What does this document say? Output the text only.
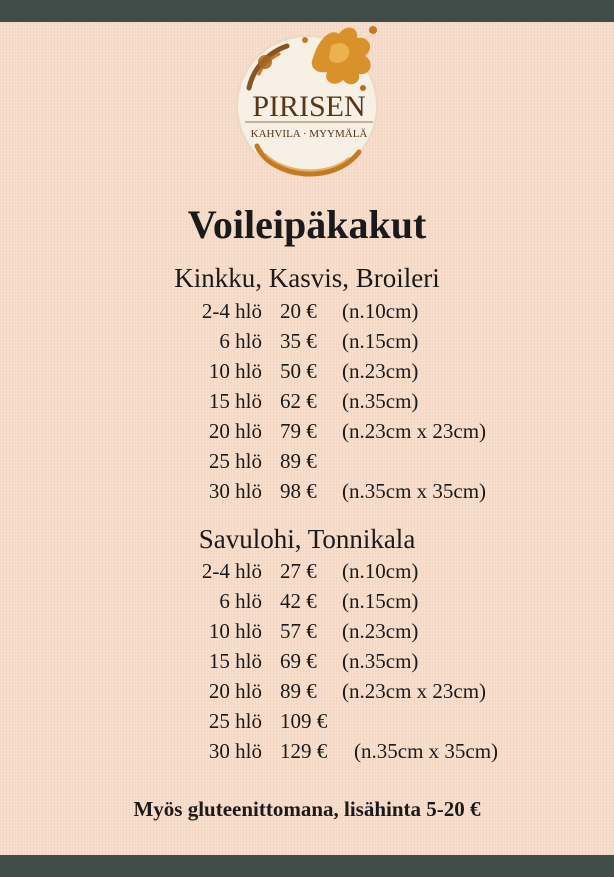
PIRISEN
KAHVILA · MYYMÄLÄ
Voileipäkakut
Kinkku, Kasvis, Broileri
2-4 hlö 20 € (n.10cm)
6 hlö 35 € (n.15cm)
10 hlö 50 € (n.23cm)
15 hlö 62 € (n.35cm)
20 hlö 79 € (n.23cm x 23cm)
25 hlö 89 €
30 hlö 98 € (n.35cm x 35cm)
Savulohi, Tonnikala
2-4 hlö 27 € (n.10cm)
6 hlö 42 € (n.15cm)
10 hlö 57 € (n.23cm)
15 hlö 69 € (n.35cm)
20 hlö 89 € (n.23cm x 23cm)
25 hlö 109 €
30 hlö 129 € (n.35cm x 35cm)
Myös gluteenittomana, lisähinta 5-20 €
